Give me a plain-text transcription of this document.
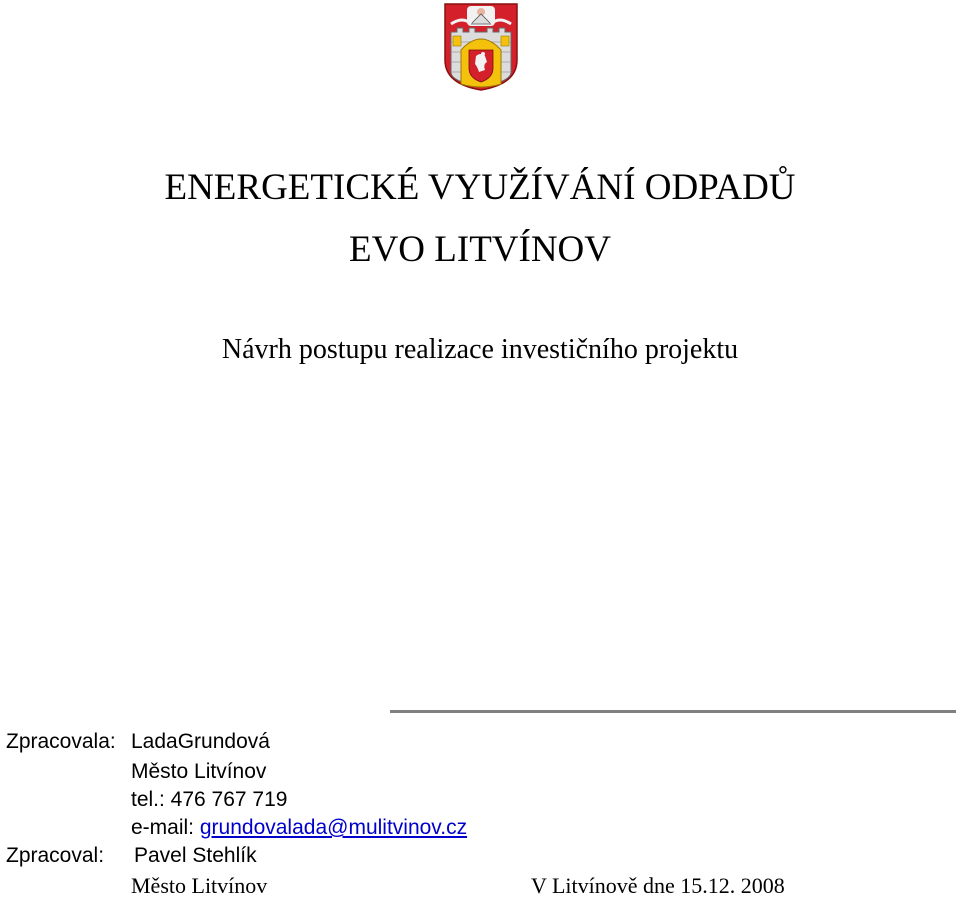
ENERGETICKÉ VYUŽÍVÁNÍ ODPADŮ
EVO LITVÍNOV
Návrh postupu realizace investičního projektu
Zpracovala: LadaGrundová
Město Litvínov
tel.: 476 767 719
e-mail: grundovalada@mulitvinov.cz
Zpracoval: Pavel Stehlík
Město Litvínov	V Litvínově dne 15.12. 2008
